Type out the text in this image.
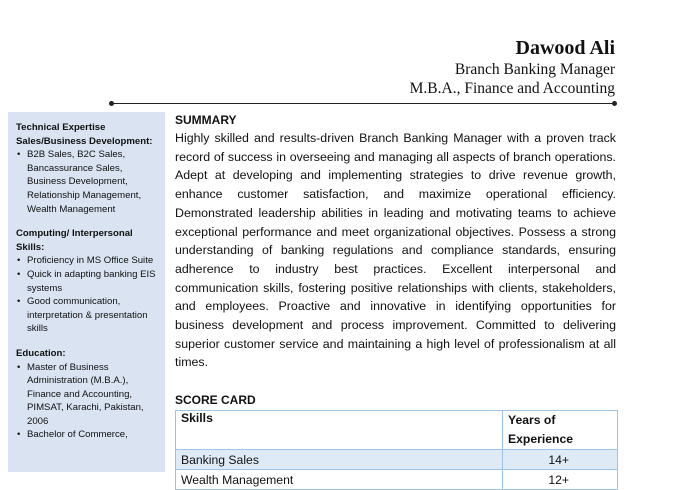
Dawood Ali
Branch Banking Manager
M.B.A., Finance and Accounting
Technical Expertise Sales/Business Development:
• B2B Sales, B2C Sales, Bancassurance Sales, Business Development, Relationship Management, Wealth Management
Computing/ Interpersonal Skills:
• Proficiency in MS Office Suite
• Quick in adapting banking EIS systems
• Good communication, interpretation & presentation skills
Education:
• Master of Business Administration (M.B.A.), Finance and Accounting, PIMSAT, Karachi, Pakistan, 2006
• Bachelor of Commerce,
SUMMARY
Highly skilled and results-driven Branch Banking Manager with a proven track record of success in overseeing and managing all aspects of branch operations. Adept at developing and implementing strategies to drive revenue growth, enhance customer satisfaction, and maximize operational efficiency. Demonstrated leadership abilities in leading and motivating teams to achieve exceptional performance and meet organizational objectives. Possess a strong understanding of banking regulations and compliance standards, ensuring adherence to industry best practices. Excellent interpersonal and communication skills, fostering positive relationships with clients, stakeholders, and employees. Proactive and innovative in identifying opportunities for business development and process improvement. Committed to delivering superior customer service and maintaining a high level of professionalism at all times.
SCORE CARD
Skills	Years of Experience
Banking Sales	14+
Wealth Management	12+
